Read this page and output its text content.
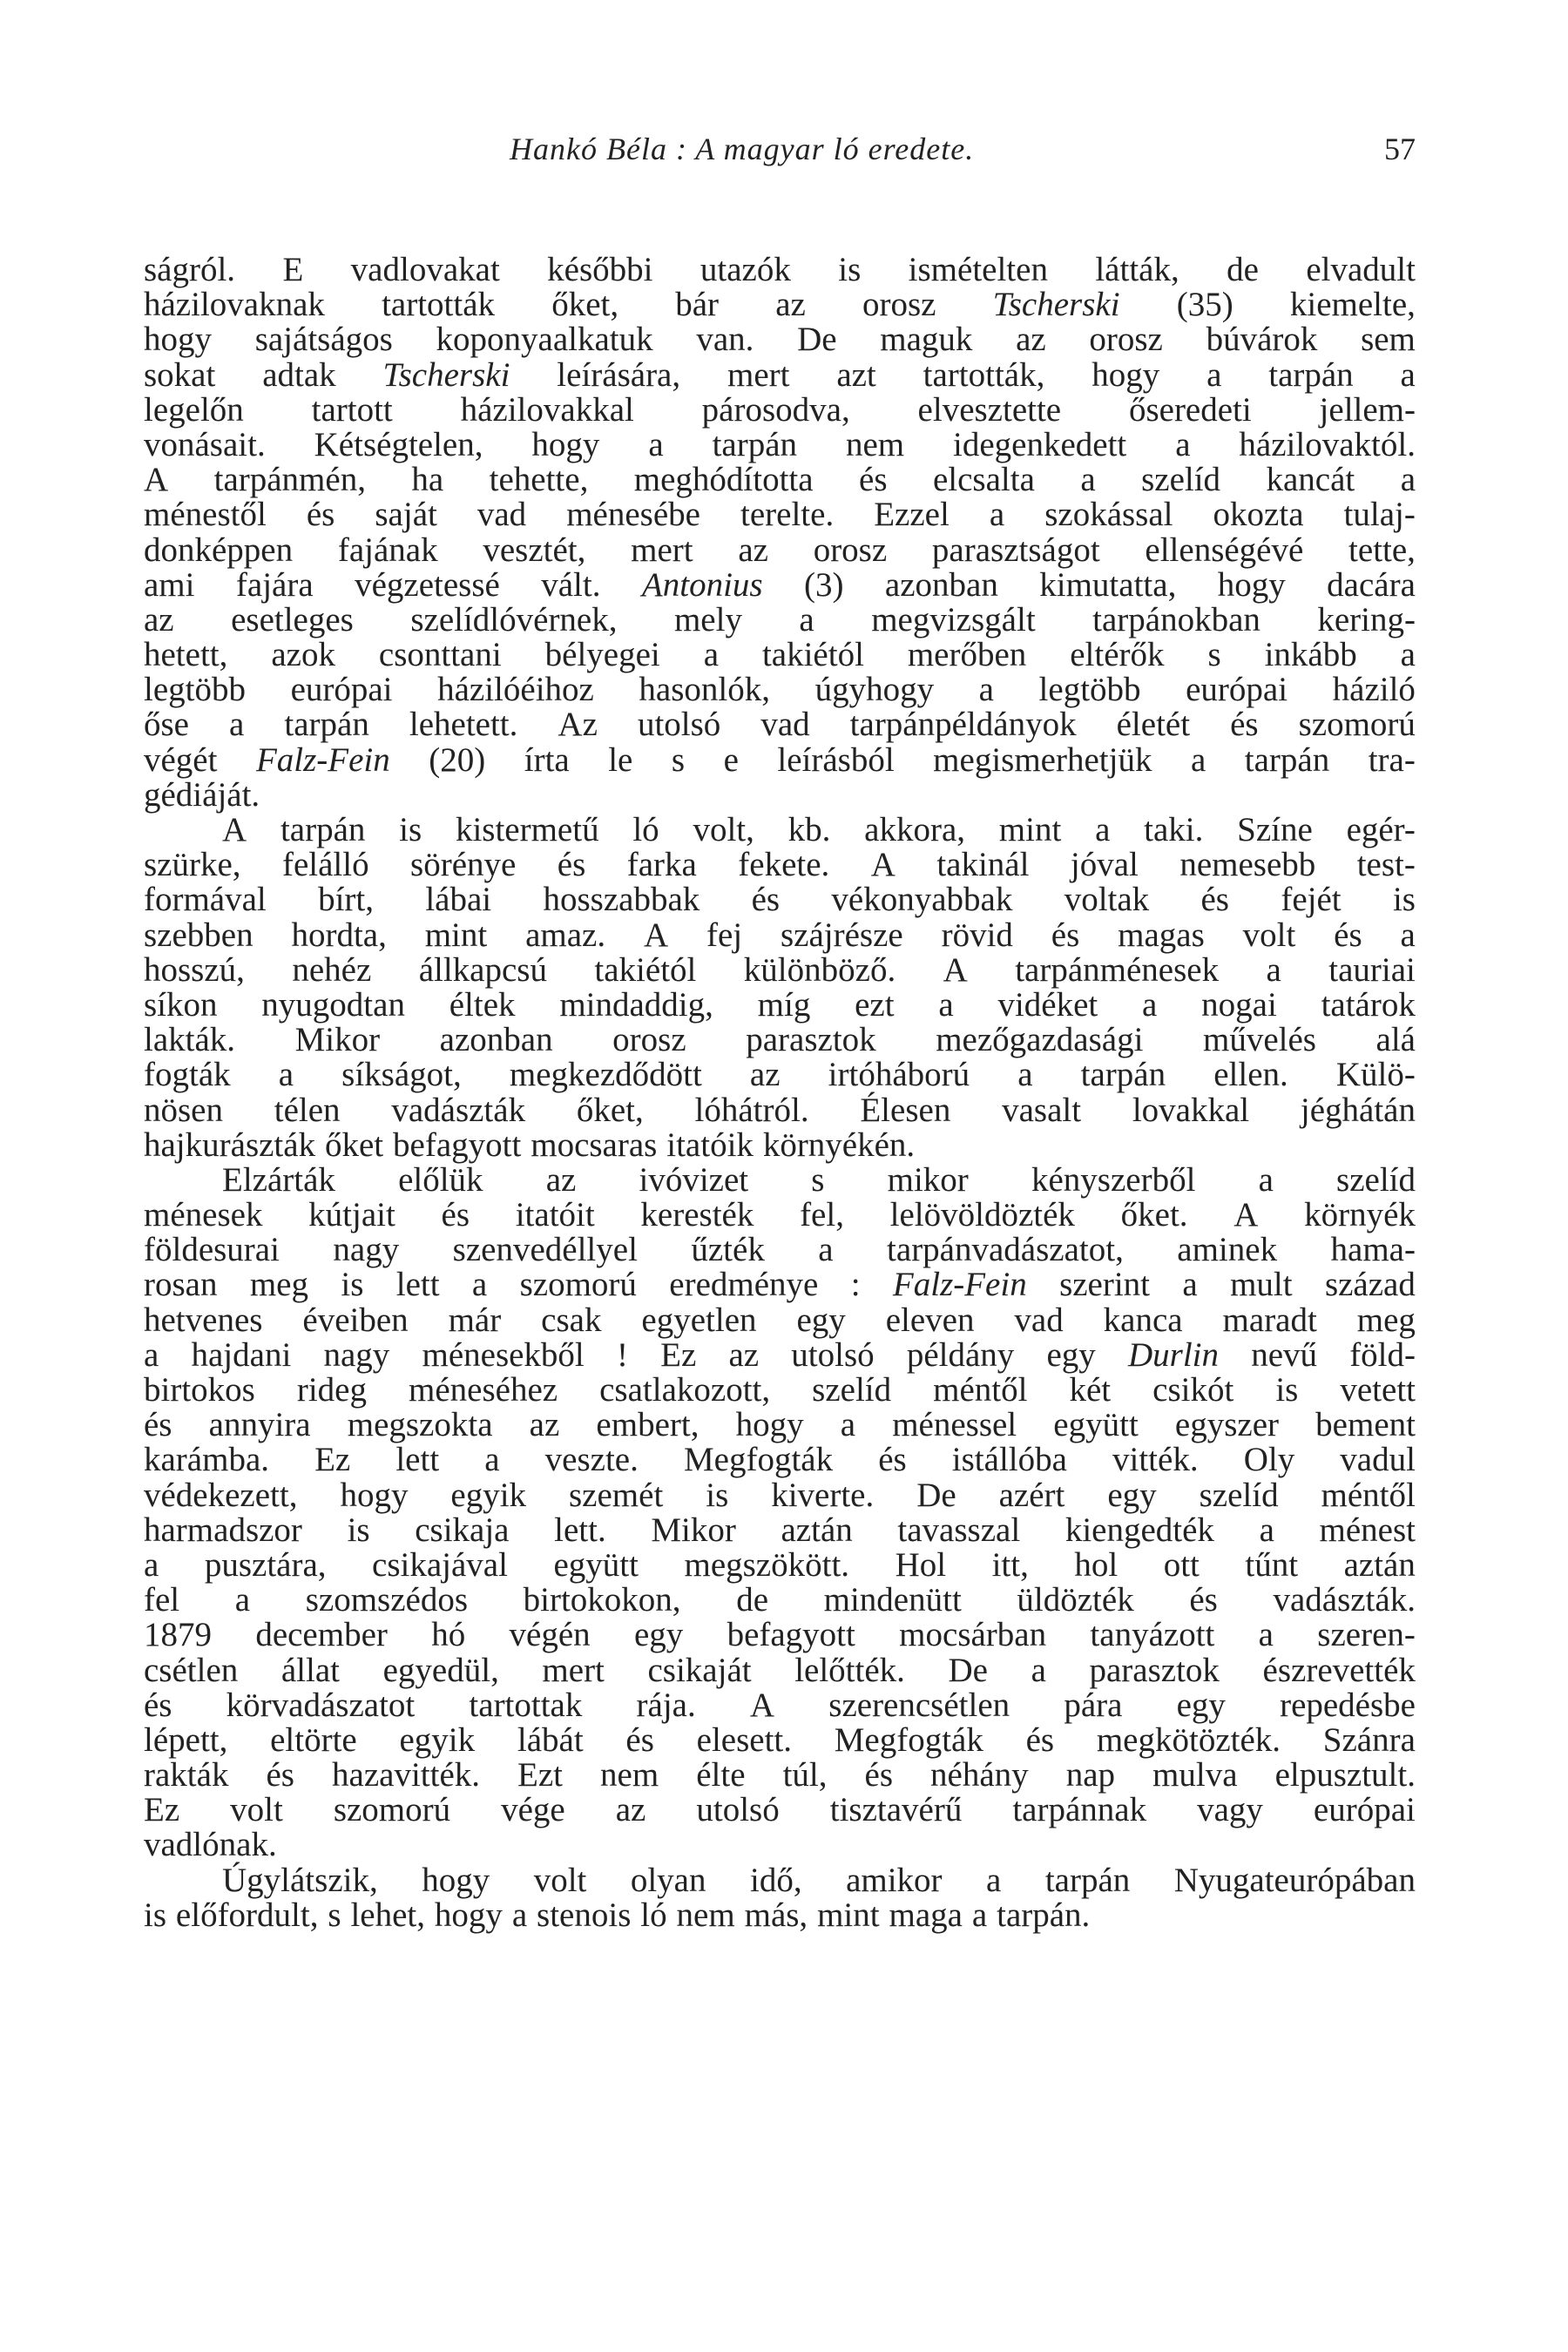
Hankó Béla : A magyar ló eredete.	57
ságról. E vadlovakat későbbi utazók is ismételten látták, de elvadult
házilovaknak tartották őket, bár az orosz Tscherski (35) kiemelte,
hogy sajátságos koponyaalkatuk van. De maguk az orosz búvárok sem
sokat adtak Tscherski leírására, mert azt tartották, hogy a tarpán a
legelőn tartott házilovakkal párosodva, elvesztette őseredeti jellem-
vonásait. Kétségtelen, hogy a tarpán nem idegenkedett a házilovaktól.
A tarpánmén, ha tehette, meghódította és elcsalta a szelíd kancát a
ménestől és saját vad ménesébe terelte. Ezzel a szokással okozta tulaj-
donképpen fajának vesztét, mert az orosz parasztságot ellenségévé tette,
ami fajára végzetessé vált. Antonius (3) azonban kimutatta, hogy dacára
az esetleges szelídlóvérnek, mely a megvizsgált tarpánokban kering-
hetett, azok csonttani bélyegei a takiétól merőben eltérők s inkább a
legtöbb európai házilóéihoz hasonlók, úgyhogy a legtöbb európai háziló
őse a tarpán lehetett. Az utolsó vad tarpánpéldányok életét és szomorú
végét Falz-Fein (20) írta le s e leírásból megismerhetjük a tarpán tra-
gédiáját.
A tarpán is kistermetű ló volt, kb. akkora, mint a taki. Színe egér-
szürke, felálló sörénye és farka fekete. A takinál jóval nemesebb test-
formával bírt, lábai hosszabbak és vékonyabbak voltak és fejét is
szebben hordta, mint amaz. A fej szájrésze rövid és magas volt és a
hosszú, nehéz állkapcsú takiétól különböző. A tarpánménesek a tauriai
síkon nyugodtan éltek mindaddig, míg ezt a vidéket a nogai tatárok
lakták. Mikor azonban orosz parasztok mezőgazdasági művelés alá
fogták a síkságot, megkezdődött az irtóháború a tarpán ellen. Külö-
nösen télen vadászták őket, lóhátról. Élesen vasalt lovakkal jéghátán
hajkurászták őket befagyott mocsaras itatóik környékén.
Elzárták előlük az ivóvizet s mikor kényszerből a szelíd
ménesek kútjait és itatóit keresték fel, lelövöldözték őket. A környék
földesurai nagy szenvedéllyel űzték a tarpánvadászatot, aminek hama-
rosan meg is lett a szomorú eredménye : Falz-Fein szerint a mult század
hetvenes éveiben már csak egyetlen egy eleven vad kanca maradt meg
a hajdani nagy ménesekből ! Ez az utolsó példány egy Durlin nevű föld-
birtokos rideg méneséhez csatlakozott, szelíd méntől két csikót is vetett
és annyira megszokta az embert, hogy a ménessel együtt egyszer bement
karámba. Ez lett a veszte. Megfogták és istállóba vitték. Oly vadul
védekezett, hogy egyik szemét is kiverte. De azért egy szelíd méntől
harmadszor is csikaja lett. Mikor aztán tavasszal kiengedték a ménest
a pusztára, csikajával együtt megszökött. Hol itt, hol ott tűnt aztán
fel a szomszédos birtokokon, de mindenütt üldözték és vadászták.
1879 december hó végén egy befagyott mocsárban tanyázott a szeren-
csétlen állat egyedül, mert csikaját lelőtték. De a parasztok észrevették
és körvadászatot tartottak rája. A szerencsétlen pára egy repedésbe
lépett, eltörte egyik lábát és elesett. Megfogták és megkötözték. Szánra
rakták és hazavitték. Ezt nem élte túl, és néhány nap mulva elpusztult.
Ez volt szomorú vége az utolsó tisztavérű tarpánnak vagy európai
vadlónak.
Úgylátszik, hogy volt olyan idő, amikor a tarpán Nyugateurópában
is előfordult, s lehet, hogy a stenois ló nem más, mint maga a tarpán.
